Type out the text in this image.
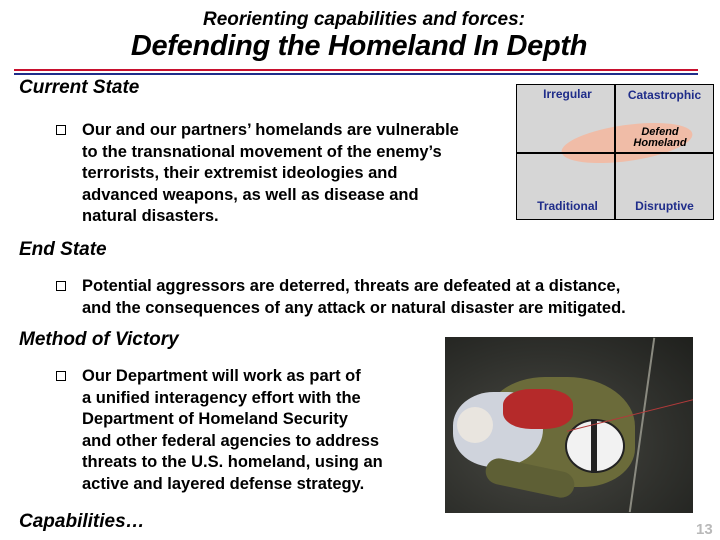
Reorienting capabilities and forces:
Defending the Homeland In Depth
Current State
Our and our partners’ homelands are vulnerable
to the transnational movement of the enemy’s
terrorists, their extremist ideologies and
advanced weapons, as well as disease and
natural disasters.
Irregular	Catastrophic
Traditional	Disruptive
Defend
Homeland
End State
Potential aggressors are deterred, threats are defeated at a distance,
and the consequences of any attack or natural disaster are mitigated.
Method of Victory
Our Department will work as part of
a unified interagency effort with the
Department of Homeland Security
and other federal agencies to address
threats to the U.S. homeland, using an
active and layered defense strategy.
Capabilities…	13
